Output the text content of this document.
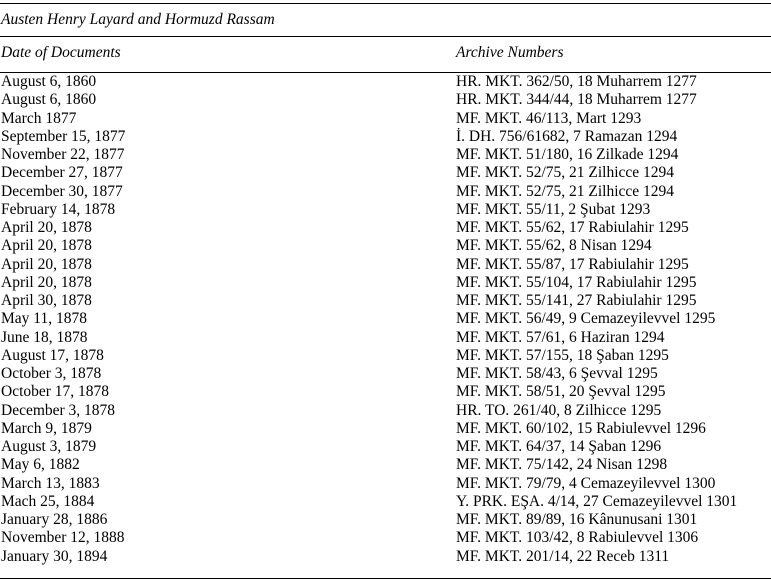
Austen Henry Layard and Hormuzd Rassam
Date of Documents	Archive Numbers
August 6, 1860	HR. MKT. 362/50, 18 Muharrem 1277
August 6, 1860	HR. MKT. 344/44, 18 Muharrem 1277
March 1877	MF. MKT. 46/113, Mart 1293
September 15, 1877	İ. DH. 756/61682, 7 Ramazan 1294
November 22, 1877	MF. MKT. 51/180, 16 Zilkade 1294
December 27, 1877	MF. MKT. 52/75, 21 Zilhicce 1294
December 30, 1877	MF. MKT. 52/75, 21 Zilhicce 1294
February 14, 1878	MF. MKT. 55/11, 2 Şubat 1293
April 20, 1878	MF. MKT. 55/62, 17 Rabiulahir 1295
April 20, 1878	MF. MKT. 55/62, 8 Nisan 1294
April 20, 1878	MF. MKT. 55/87, 17 Rabiulahir 1295
April 20, 1878	MF. MKT. 55/104, 17 Rabiulahir 1295
April 30, 1878	MF. MKT. 55/141, 27 Rabiulahir 1295
May 11, 1878	MF. MKT. 56/49, 9 Cemazeyilevvel 1295
June 18, 1878	MF. MKT. 57/61, 6 Haziran 1294
August 17, 1878	MF. MKT. 57/155, 18 Şaban 1295
October 3, 1878	MF. MKT. 58/43, 6 Şevval 1295
October 17, 1878	MF. MKT. 58/51, 20 Şevval 1295
December 3, 1878	HR. TO. 261/40, 8 Zilhicce 1295
March 9, 1879	MF. MKT. 60/102, 15 Rabiulevvel 1296
August 3, 1879	MF. MKT. 64/37, 14 Şaban 1296
May 6, 1882	MF. MKT. 75/142, 24 Nisan 1298
March 13, 1883	MF. MKT. 79/79, 4 Cemazeyilevvel 1300
Mach 25, 1884	Y. PRK. EŞA. 4/14, 27 Cemazeyilevvel 1301
January 28, 1886	MF. MKT. 89/89, 16 Kânunusani 1301
November 12, 1888	MF. MKT. 103/42, 8 Rabiulevvel 1306
January 30, 1894	MF. MKT. 201/14, 22 Receb 1311
